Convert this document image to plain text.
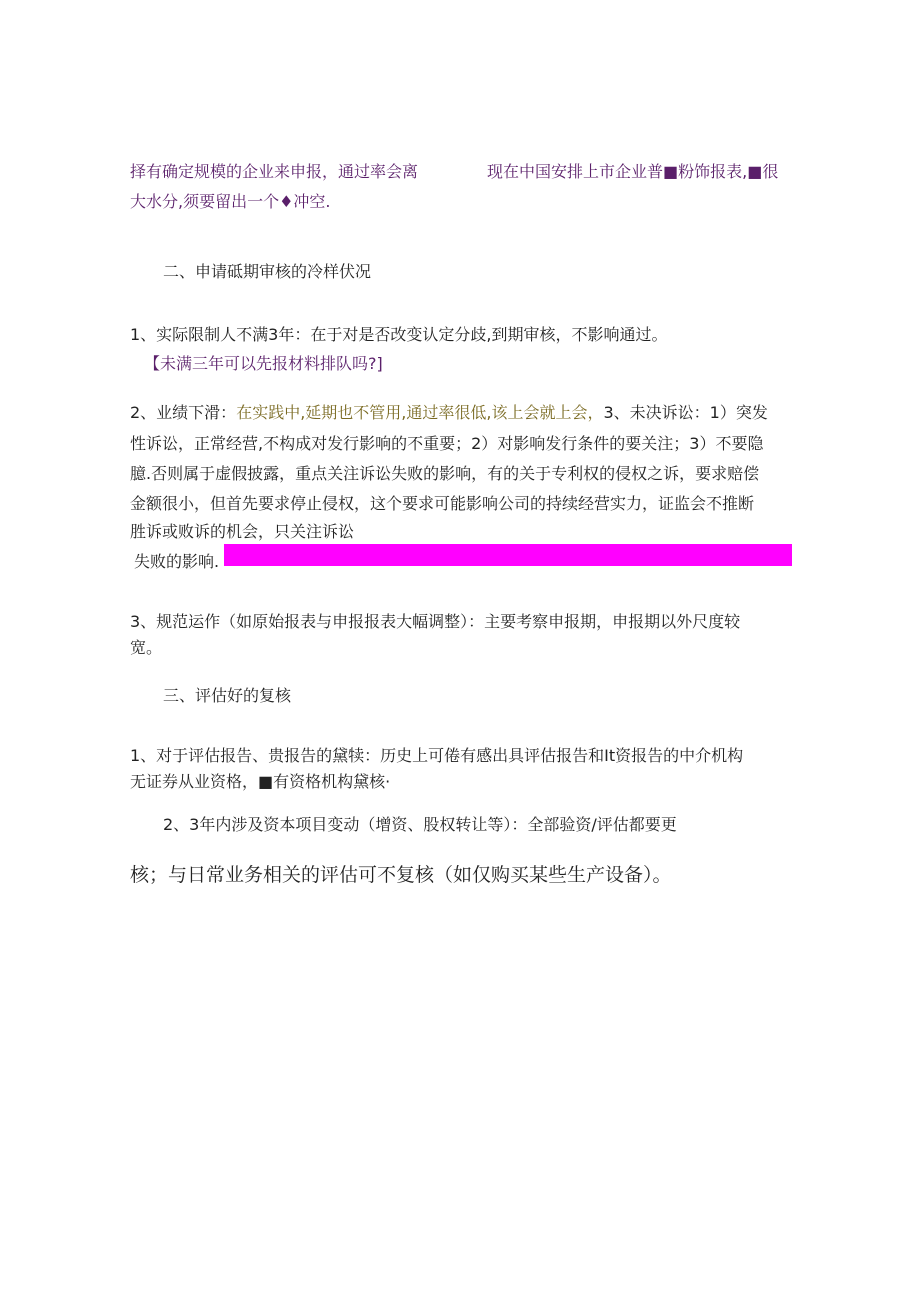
择有确定规模的企业来申报，通过率会离	现在中国安排上市企业普■粉饰报表,■很
大水分,须要留出一个♦冲空.
二、申请砥期审核的冷样伏况
1、实际限制人不满3年：在于对是否改变认定分歧,到期审核，不影响通过。
【未满三年可以先报材料排队吗?]
2、业绩下滑：在实践中,延期也不管用,通过率很低,该上会就上会，3、未决诉讼：1）突发
性诉讼，正常经营,不构成对发行影响的不重要；2）对影响发行条件的要关注；3）不要隐
臆.否则属于虚假披露，重点关注诉讼失败的影响，有的关于专利权的侵权之诉，要求赔偿
金额很小，但首先要求停止侵权，这个要求可能影响公司的持续经营实力，证监会不推断
胜诉或败诉的机会，只关注诉讼
失败的影响.
3、规范运作（如原始报表与申报报表大幅调整）：主要考察申报期，申报期以外尺度较
宽。
三、评估好的复核
1、对于评估报告、贵报告的黛犊：历史上可倦有感出具评估报告和It资报告的中介机构
无证券从业资格，■有资格机构黛核·
2、3年内涉及资本项目变动（增资、股权转让等）：全部验资/评估都要更
核；与日常业务相关的评估可不复核（如仅购买某些生产设备）。
